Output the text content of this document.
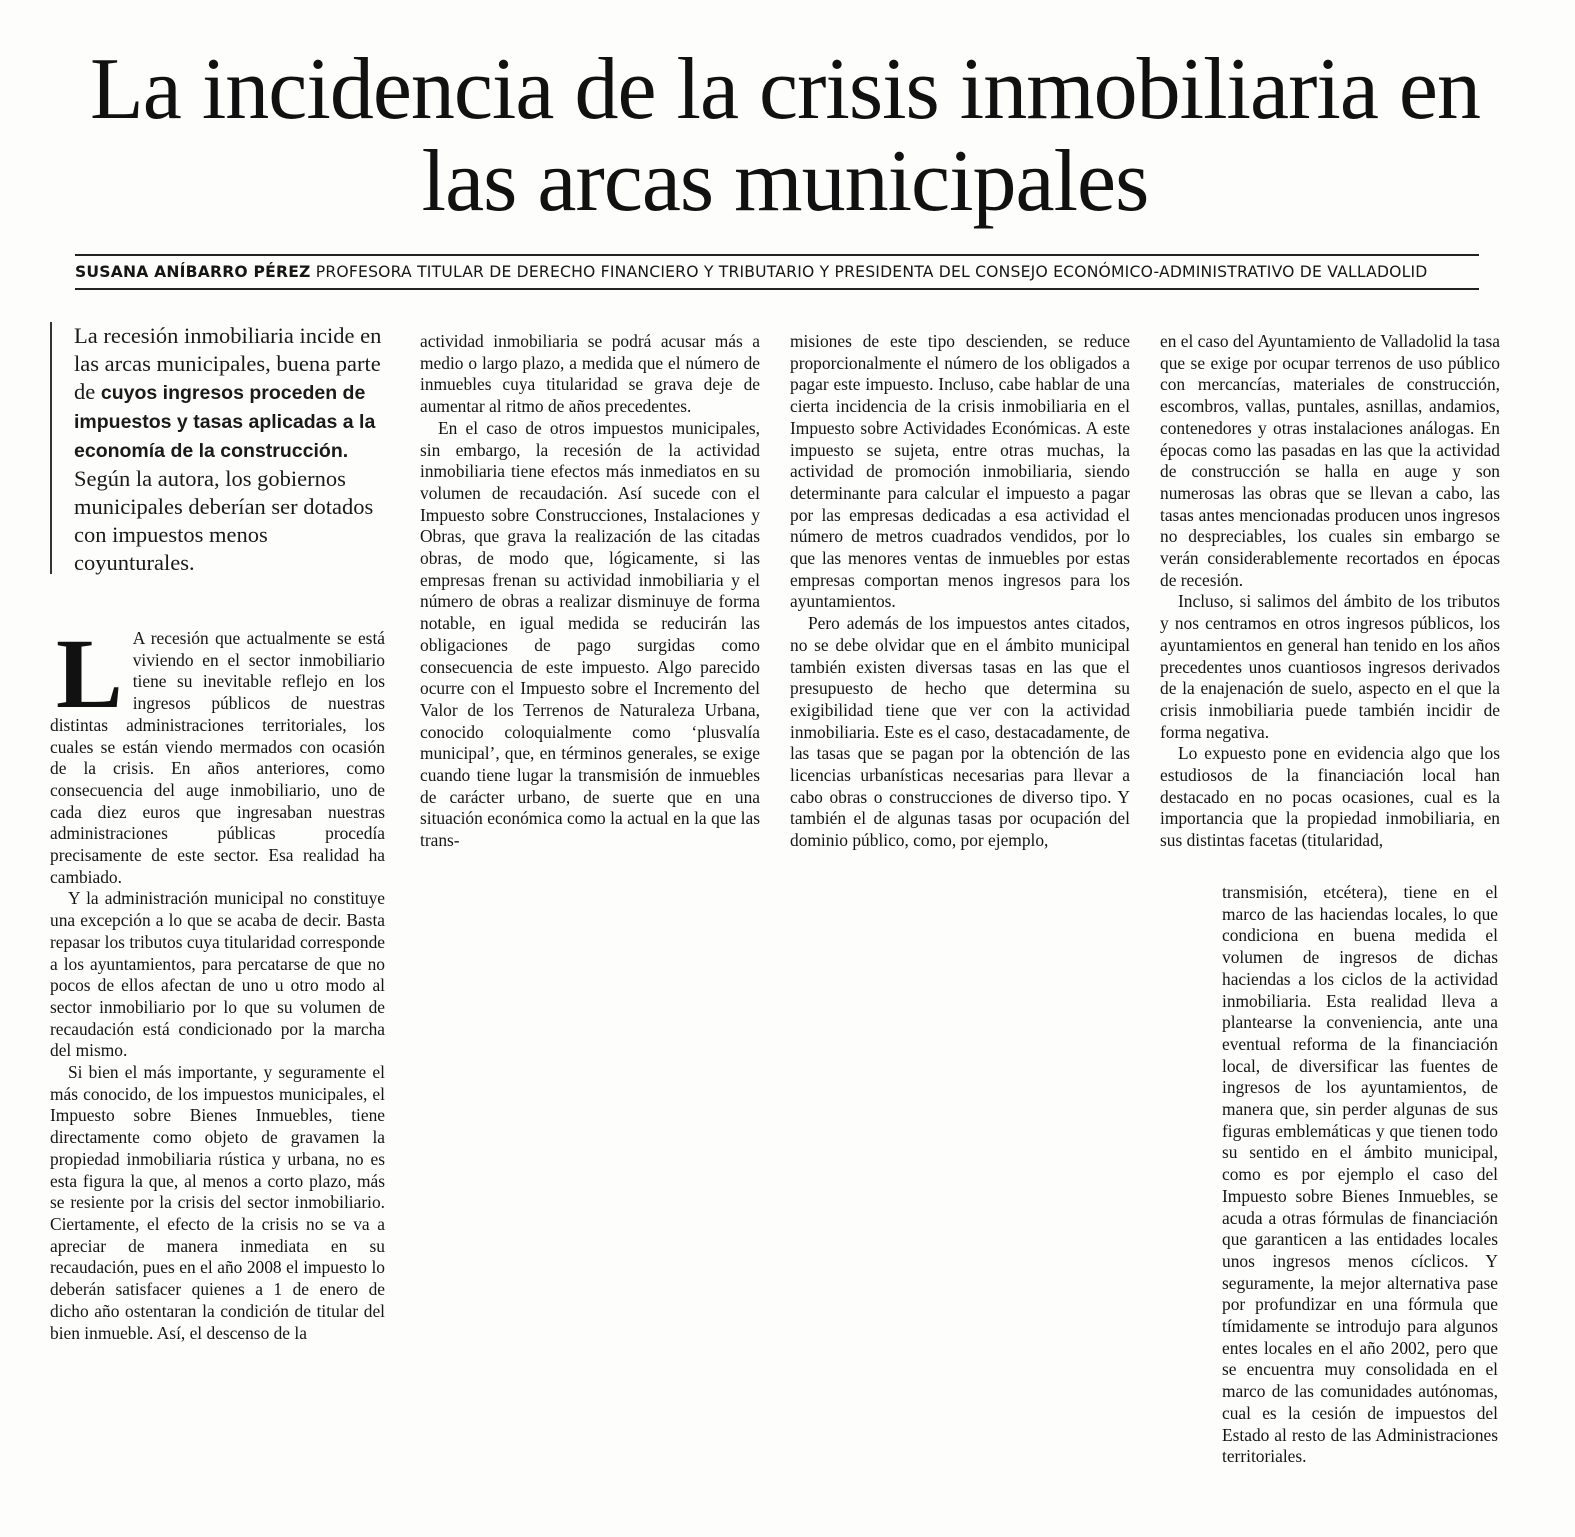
La incidencia de la crisis inmobiliaria en
las arcas municipales
SUSANA ANÍBARRO PÉREZ PROFESORA TITULAR DE DERECHO FINANCIERO Y TRIBUTARIO Y PRESIDENTA DEL CONSEJO ECONÓMICO-ADMINISTRATIVO DE VALLADOLID
La recesión inmobiliaria incide en las arcas municipales, buena parte de cuyos ingresos proceden de impuestos y tasas aplicadas a la economía de la construcción. Según la autora, los gobiernos municipales deberían ser dotados con impuestos menos coyunturales.

L A recesión que actualmente se está viviendo en el sector inmobiliario tiene su inevitable reflejo en los ingresos públicos de nuestras distintas administraciones territoriales, los cuales se están viendo mermados con ocasión de la crisis. En años anteriores, como consecuencia del auge inmobiliario, uno de cada diez euros que ingresaban nuestras administraciones públicas procedía precisamente de este sector. Esa realidad ha cambiado.

Y la administración municipal no constituye una excepción a lo que se acaba de decir. Basta repasar los tributos cuya titularidad corresponde a los ayuntamientos, para percatarse de que no pocos de ellos afectan de uno u otro modo al sector inmobiliario por lo que su volumen de recaudación está condicionado por la marcha del mismo.

Si bien el más importante, y seguramente el más conocido, de los impuestos municipales, el Impuesto sobre Bienes Inmuebles, tiene directamente como objeto de gravamen la propiedad inmobiliaria rústica y urbana, no es esta figura la que, al menos a corto plazo, más se resiente por la crisis del sector inmobiliario. Ciertamente, el efecto de la crisis no se va a apreciar de manera inmediata en su recaudación, pues en el año 2008 el impuesto lo deberán satisfacer quienes a 1 de enero de dicho año ostentaran la condición de titular del bien inmueble. Así, el descenso de la

actividad inmobiliaria se podrá acusar más a medio o largo plazo, a medida que el número de inmuebles cuya titularidad se grava deje de aumentar al ritmo de años precedentes.

En el caso de otros impuestos municipales, sin embargo, la recesión de la actividad inmobiliaria tiene efectos más inmediatos en su volumen de recaudación. Así sucede con el Impuesto sobre Construcciones, Instalaciones y Obras, que grava la realización de las citadas obras, de modo que, lógicamente, si las empresas frenan su actividad inmobiliaria y el número de obras a realizar disminuye de forma notable, en igual medida se reducirán las obligaciones de pago surgidas como consecuencia de este impuesto. Algo parecido ocurre con el Impuesto sobre el Incremento del Valor de los Terrenos de Naturaleza Urbana, conocido coloquialmente como ‘plusvalía municipal’, que, en términos generales, se exige cuando tiene lugar la transmisión de inmuebles de carácter urbano, de suerte que en una situación económica como la actual en la que las trans-

misiones de este tipo descienden, se reduce proporcionalmente el número de los obligados a pagar este impuesto. Incluso, cabe hablar de una cierta incidencia de la crisis inmobiliaria en el Impuesto sobre Actividades Económicas. A este impuesto se sujeta, entre otras muchas, la actividad de promoción inmobiliaria, siendo determinante para calcular el impuesto a pagar por las empresas dedicadas a esa actividad el número de metros cuadrados vendidos, por lo que las menores ventas de inmuebles por estas empresas comportan menos ingresos para los ayuntamientos.

Pero además de los impuestos antes citados, no se debe olvidar que en el ámbito municipal también existen diversas tasas en las que el presupuesto de hecho que determina su exigibilidad tiene que ver con la actividad inmobiliaria. Este es el caso, destacadamente, de las tasas que se pagan por la obtención de las licencias urbanísticas necesarias para llevar a cabo obras o construcciones de diverso tipo. Y también el de algunas tasas por ocupación del dominio público, como, por ejemplo,

en el caso del Ayuntamiento de Valladolid la tasa que se exige por ocupar terrenos de uso público con mercancías, materiales de construcción, escombros, vallas, puntales, asnillas, andamios, contenedores y otras instalaciones análogas. En épocas como las pasadas en las que la actividad de construcción se halla en auge y son numerosas las obras que se llevan a cabo, las tasas antes mencionadas producen unos ingresos no despreciables, los cuales sin embargo se verán considerablemente recortados en épocas de recesión.

Incluso, si salimos del ámbito de los tributos y nos centramos en otros ingresos públicos, los ayuntamientos en general han tenido en los años precedentes unos cuantiosos ingresos derivados de la enajenación de suelo, aspecto en el que la crisis inmobiliaria puede también incidir de forma negativa.

Lo expuesto pone en evidencia algo que los estudiosos de la financiación local han destacado en no pocas ocasiones, cual es la importancia que la propiedad inmobiliaria, en sus distintas facetas (titularidad,

transmisión, etcétera), tiene en el marco de las haciendas locales, lo que condiciona en buena medida el volumen de ingresos de dichas haciendas a los ciclos de la actividad inmobiliaria. Esta realidad lleva a plantearse la conveniencia, ante una eventual reforma de la financiación local, de diversificar las fuentes de ingresos de los ayuntamientos, de manera que, sin perder algunas de sus figuras emblemáticas y que tienen todo su sentido en el ámbito municipal, como es por ejemplo el caso del Impuesto sobre Bienes Inmuebles, se acuda a otras fórmulas de financiación que garanticen a las entidades locales unos ingresos menos cíclicos. Y seguramente, la mejor alternativa pase por profundizar en una fórmula que tímidamente se introdujo para algunos entes locales en el año 2002, pero que se encuentra muy consolidada en el marco de las comunidades autónomas, cual es la cesión de impuestos del Estado al resto de las Administraciones territoriales.
